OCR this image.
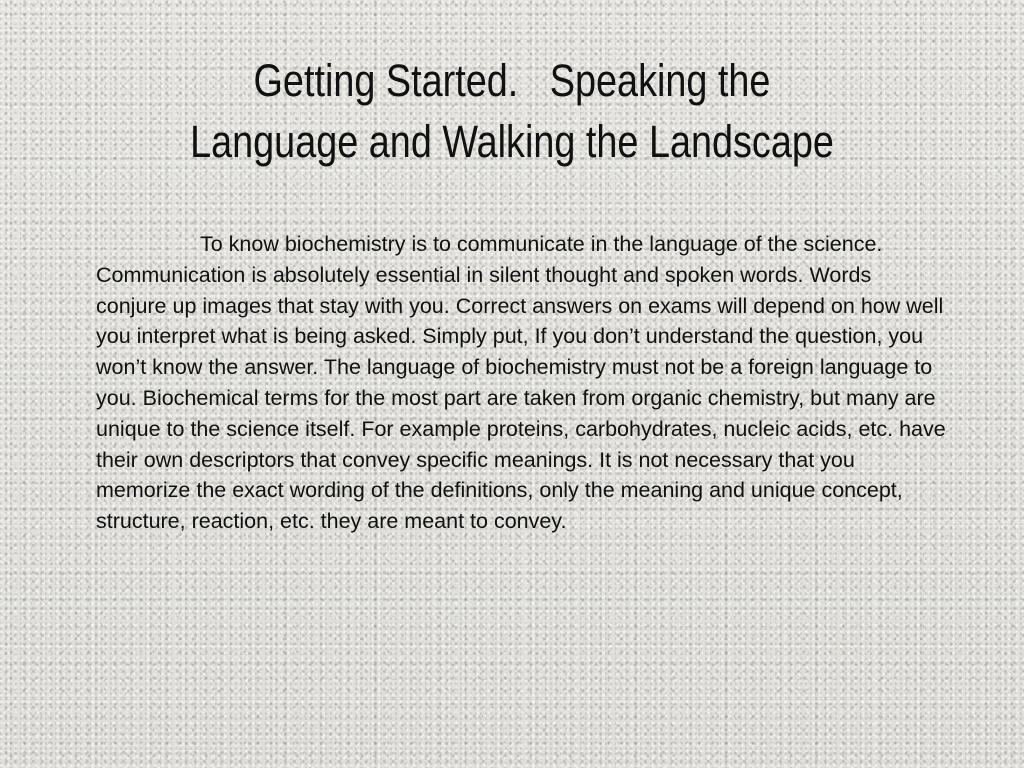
Getting Started.   Speaking the
Language and Walking the Landscape

To know biochemistry is to communicate in the language of the science. Communication is absolutely essential in silent thought and spoken words. Words conjure up images that stay with you. Correct answers on exams will depend on how well you interpret what is being asked. Simply put, If you don’t understand the question, you won’t know the answer. The language of biochemistry must not be a foreign language to you. Biochemical terms for the most part are taken from organic chemistry, but many are unique to the science itself. For example proteins, carbohydrates, nucleic acids, etc. have their own descriptors that convey specific meanings. It is not necessary that you memorize the exact wording of the definitions, only the meaning and unique concept, structure, reaction, etc. they are meant to convey.
